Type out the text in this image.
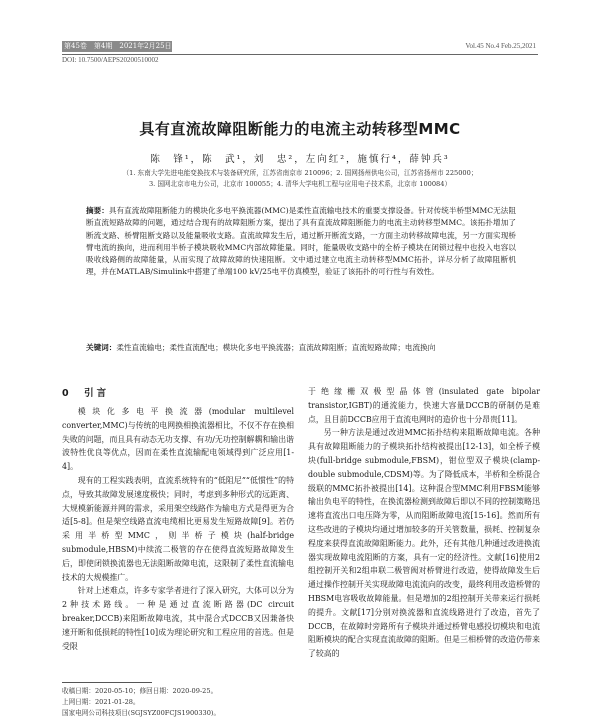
第45卷　第4期　2021年2月25日	Vol.45 No.4 Feb.25,2021
DOI: 10.7500/AEPS20200510002
具有直流故障阻断能力的电流主动转移型MMC
陈　锋¹，陈　武¹，刘　忠²，左向红²，施慎行⁴，薛钟兵³
（1. 东南大学先进电能变换技术与装备研究所，江苏省南京市 210096；2. 国网扬州供电公司，江苏省扬州市 225000；
3. 国网北京市电力公司，北京市 100055；4. 清华大学电机工程与应用电子技术系，北京市 100084）
摘要：具有直流故障阻断能力的模块化多电平换流器(MMC)是柔性直流输电技术的重要支撑设备。针对传统半桥型MMC无法阻断直流短路故障的问题，通过结合现有的故障阻断方案，提出了具有直流故障阻断能力的电流主动转移型MMC。该拓扑增加了断流支路、桥臂阻断支路以及能量吸收支路。直流故障发生后，通过断开断流支路，一方面主动转移故障电流，另一方面实现桥臂电流的换向，进而利用半桥子模块吸收MMC内部故障能量。同时，能量吸收支路中的全桥子模块在闭锁过程中也投入电容以吸收线路侧的故障能量，从而实现了故障故障的快速阻断。文中通过建立电流主动转移型MMC拓扑，详尽分析了故障阻断机理，并在MATLAB/Simulink中搭建了单端100 kV/25电平仿真模型，验证了该拓扑的可行性与有效性。
关键词：柔性直流输电；柔性直流配电；模块化多电平换流器；直流故障阻断；直流短路故障；电流换向
0　引言

模块化多电平换流器(modular multilevel converter,MMC)与传统的电网换相换流器相比，不仅不存在换相失败的问题，而且具有动态无功支撑、有功/无功控制解耦和输出谐波特性优良等优点，因而在柔性直流输配电领域得到广泛应用[1-4]。

现有的工程实践表明，直流系统特有的“低阻尼”“低惯性”的特点，导致其故障发展速度极快；同时，考虑到多种形式的远距离、大规模新能源并网的需求，采用架空线路作为输电方式是得更为合适[5-8]。但是架空线路直流电缆相比更易发生短路故障[9]。若仍采用半桥型MMC，则半桥子模块(half-bridge submodule,HBSM)中续流二极管的存在使得直流短路故障发生后，即使闭锁换流器也无法阻断故障电流，这限制了柔性直流输电技术的大规模推广。

针对上述难点，许多专家学者进行了深入研究，大体可以分为2种技术路线。一种是通过直流断路器(DC circuit breaker,DCCB)来阻断故障电流，其中混合式DCCB又因兼备快速开断和低损耗的特性[10]成为理论研究和工程应用的首选。但是受限

于绝缘栅双极型晶体管(insulated gate bipolar transistor,IGBT)的通流能力，快速大容量DCCB的研制仍是难点，且目前DCCB应用于直流电网时的造价也十分昂贵[11]。

另一种方法是通过改进MMC拓扑结构来阻断故障电流。各种具有故障阻断能力的子模块拓扑结构被提出[12-13]，如全桥子模块(full-bridge submodule,FBSM)，钳位型双子模块(clamp-double submodule,CDSM)等。为了降低成本，半桥和全桥混合级联的MMC拓扑被提出[14]。这种混合型MMC利用FBSM能够输出负电平的特性，在换流器检测到故障后即以不同的控制策略迅速将直流出口电压降为零，从而阻断故障电流[15-16]。然而所有这些改进的子模块均通过增加较多的开关管数量，损耗、控制复杂程度来获得直流故障阻断能力。此外，还有其他几种通过改进换流器实现故障电流阻断的方案，具有一定的经济性。文献[16]使用2组控制开关和2组串联二极管阀对桥臂进行改造，使得故障发生后通过操作控制开关实现故障电流流向的改变，最终利用改造桥臂的HBSM电容吸收故障能量。但是增加的2组控制开关带来运行损耗的提升。文献[17]分别对换流器和直流线路进行了改造，首先了DCCB，在故障时旁路所有子模块并通过桥臂电感投切模块和电流阻断模块的配合实现直流故障的阻断。但是三相桥臂的改造仍带来了较高的

收稿日期：2020-05-10；修回日期：2020-09-25。
上网日期：2021-01-28。
国家电网公司科技项目(SGJSYZ00FCJS1900330)。
